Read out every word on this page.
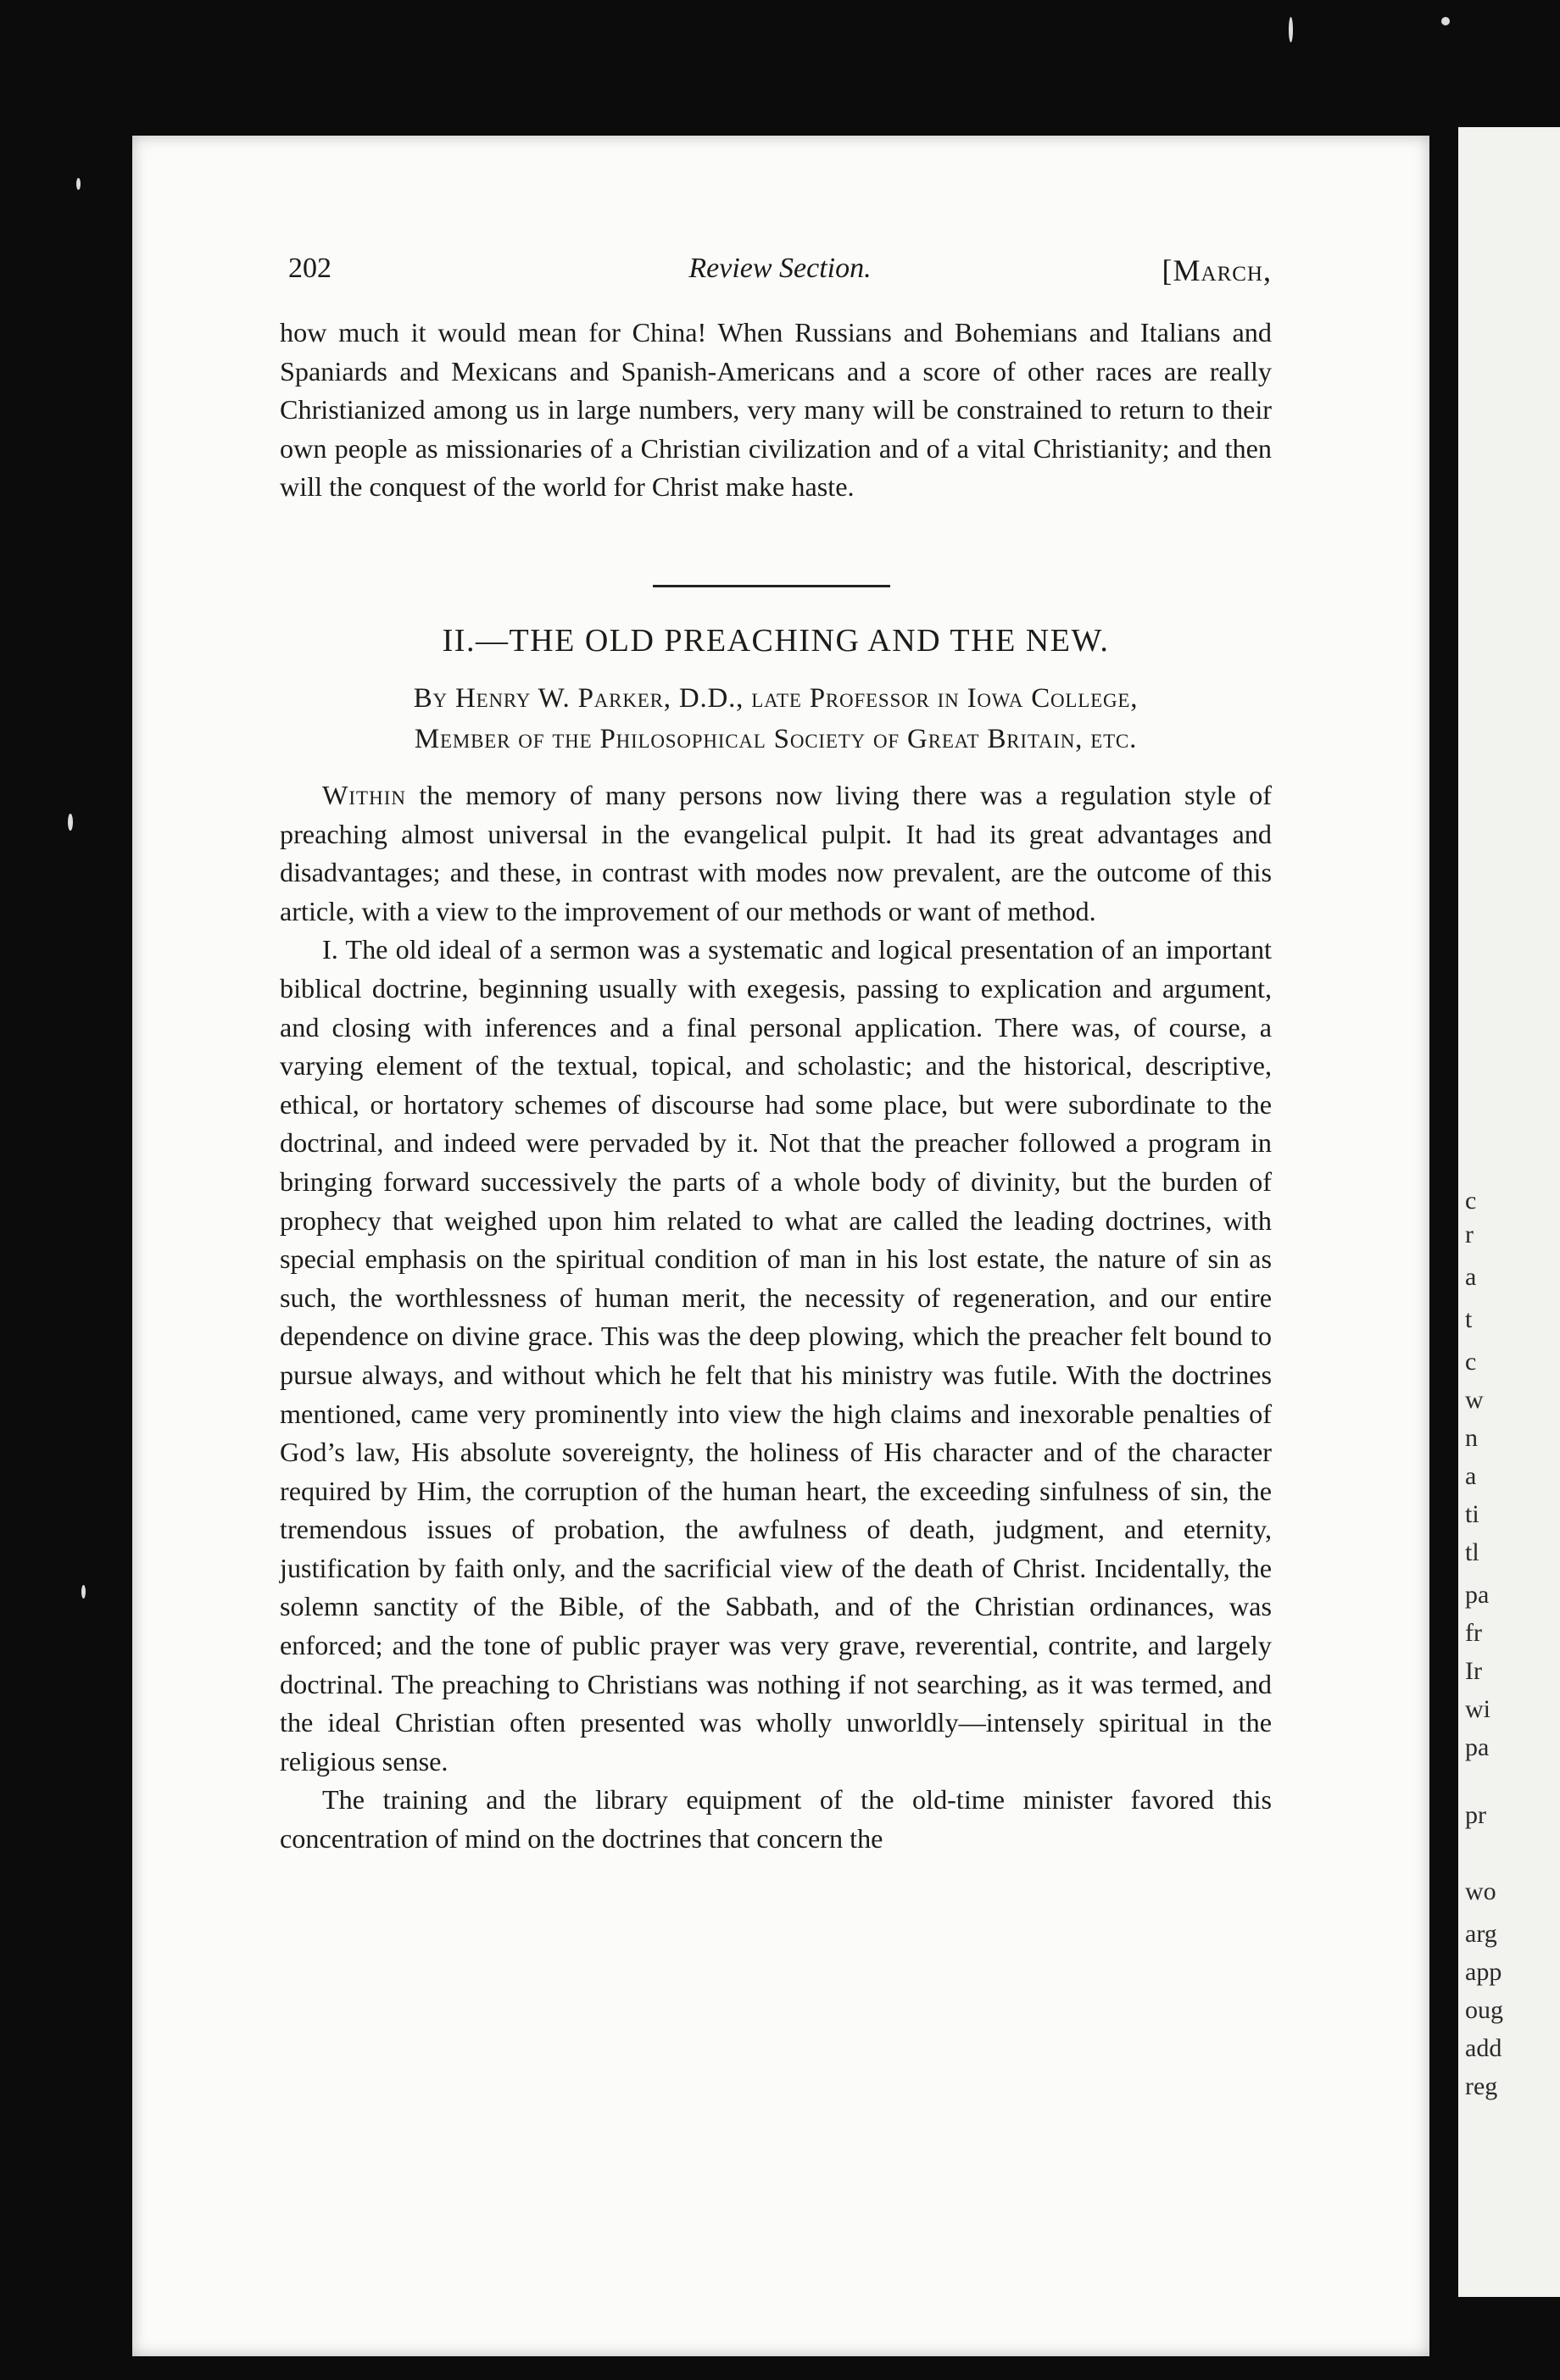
c
r
a
t
c
w
n
a
ti
tl
pa
fr
Ir
wi
pa
pr
wo
arg
app
oug
add
reg
202	Review Section.	[March,

how much it would mean for China! When Russians and Bohemians and Italians and Spaniards and Mexicans and Spanish-Americans and a score of other races are really Christianized among us in large numbers, very many will be constrained to return to their own people as missionaries of a Christian civilization and of a vital Christianity; and then will the conquest of the world for Christ make haste.

II.—THE OLD PREACHING AND THE NEW.
By Henry W. Parker, D.D., late Professor in Iowa College,
Member of the Philosophical Society of Great Britain, etc.

Within the memory of many persons now living there was a regulation style of preaching almost universal in the evangelical pulpit. It had its great advantages and disadvantages; and these, in contrast with modes now prevalent, are the outcome of this article, with a view to the improvement of our methods or want of method.

I. The old ideal of a sermon was a systematic and logical presentation of an important biblical doctrine, beginning usually with exegesis, passing to explication and argument, and closing with inferences and a final personal application. There was, of course, a varying element of the textual, topical, and scholastic; and the historical, descriptive, ethical, or hortatory schemes of discourse had some place, but were subordinate to the doctrinal, and indeed were pervaded by it. Not that the preacher followed a program in bringing forward successively the parts of a whole body of divinity, but the burden of prophecy that weighed upon him related to what are called the leading doctrines, with special emphasis on the spiritual condition of man in his lost estate, the nature of sin as such, the worthlessness of human merit, the necessity of regeneration, and our entire dependence on divine grace. This was the deep plowing, which the preacher felt bound to pursue always, and without which he felt that his ministry was futile. With the doctrines mentioned, came very prominently into view the high claims and inexorable penalties of God’s law, His absolute sovereignty, the holiness of His character and of the character required by Him, the corruption of the human heart, the exceeding sinfulness of sin, the tremendous issues of probation, the awfulness of death, judgment, and eternity, justification by faith only, and the sacrificial view of the death of Christ. Incidentally, the solemn sanctity of the Bible, of the Sabbath, and of the Christian ordinances, was enforced; and the tone of public prayer was very grave, reverential, contrite, and largely doctrinal. The preaching to Christians was nothing if not searching, as it was termed, and the ideal Christian often presented was wholly unworldly—intensely spiritual in the religious sense.

The training and the library equipment of the old-time minister favored this concentration of mind on the doctrines that concern the
